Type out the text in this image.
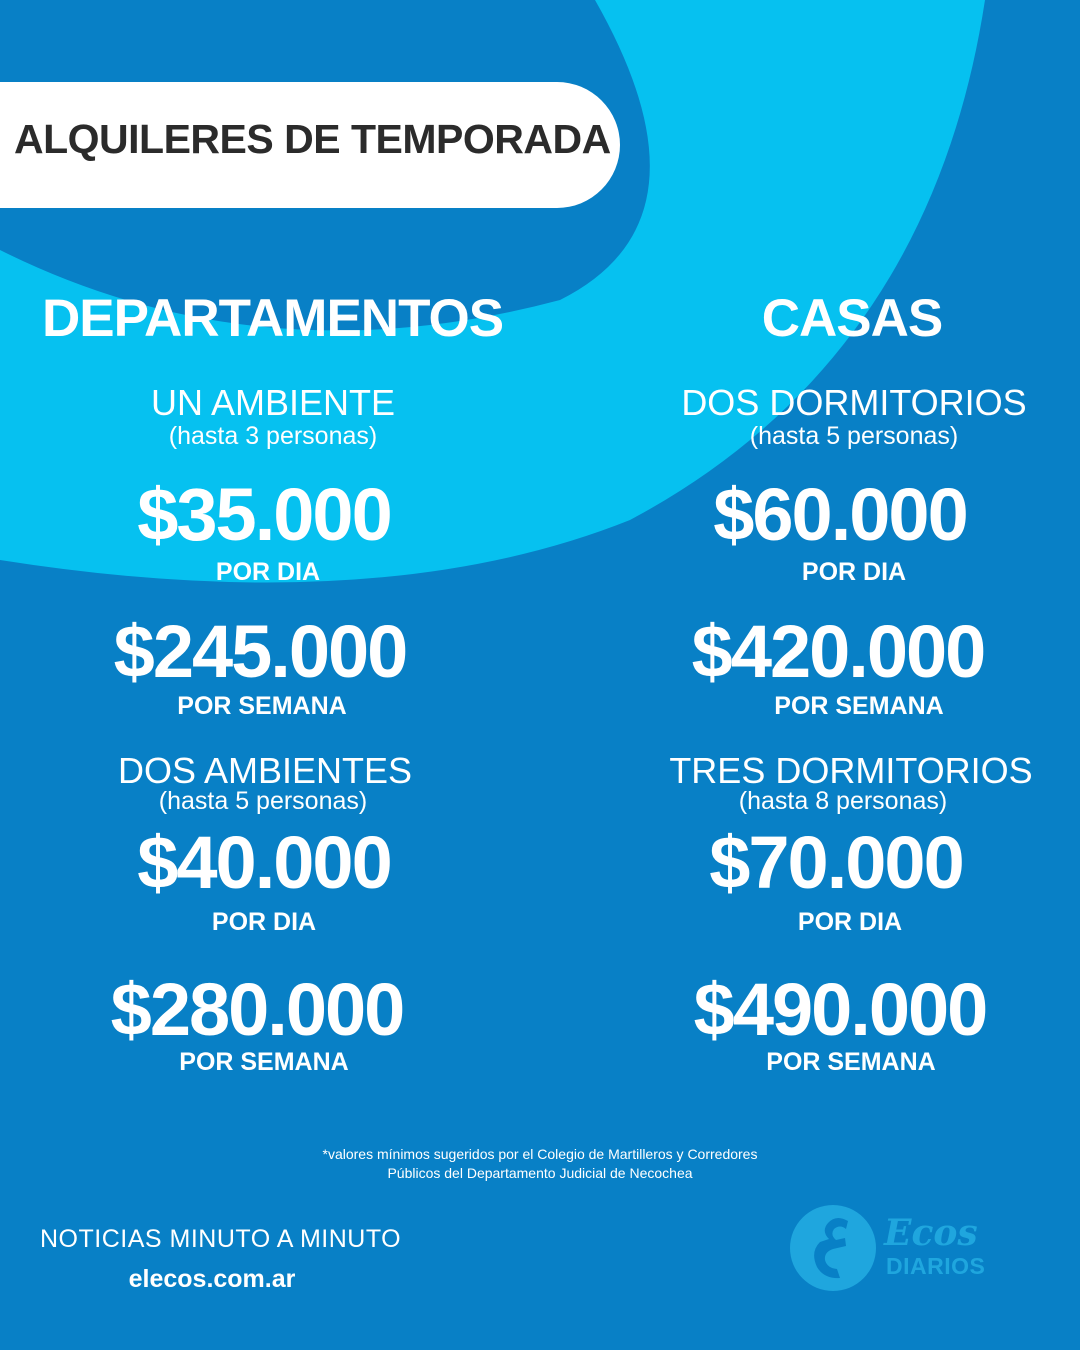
ALQUILERES DE TEMPORADA
DEPARTAMENTOS
UN AMBIENTE
(hasta 3 personas)
$35.000
POR DIA
$245.000
POR SEMANA
DOS AMBIENTES
(hasta 5 personas)
$40.000
POR DIA
$280.000
POR SEMANA
CASAS
DOS DORMITORIOS
(hasta 5 personas)
$60.000
POR DIA
$420.000
POR SEMANA
TRES DORMITORIOS
(hasta 8 personas)
$70.000
POR DIA
$490.000
POR SEMANA
*valores mínimos sugeridos por el Colegio de Martilleros y Corredores
Públicos del Departamento Judicial de Necochea
NOTICIAS MINUTO A MINUTO
elecos.com.ar
Ecos
DIARIOS
